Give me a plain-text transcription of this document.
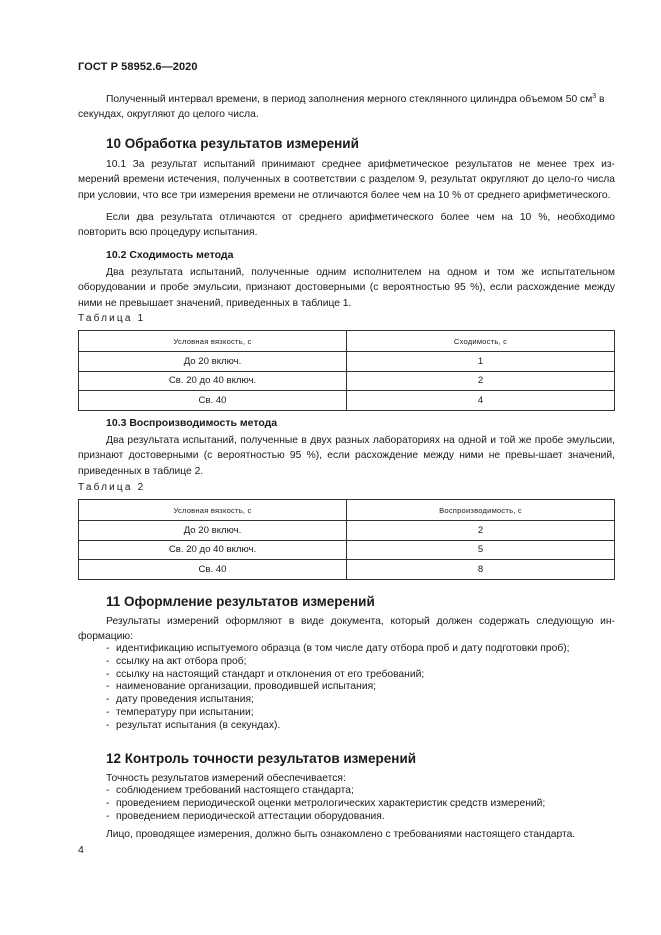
ГОСТ Р 58952.6—2020

Полученный интервал времени, в период заполнения мерного стеклянного цилиндра объемом 50 $см^3$ в секундах, округляют до целого числа.

10 Обработка результатов измерений

10.1 За результат испытаний принимают среднее арифметическое результатов не менее трех из-мерений времени истечения, полученных в соответствии с разделом 9, результат округляют до цело-го числа при условии, что все три измерения времени не отличаются более чем на 10 % от среднего арифметического.

Если два результата отличаются от среднего арифметического более чем на 10 %, необходимо повторить всю процедуру испытания.

10.2 Сходимость метода

Два результата испытаний, полученные одним исполнителем на одном и том же испытательном оборудовании и пробе эмульсии, признают достоверными (с вероятностью 95 %), если расхождение между ними не превышает значений, приведенных в таблице 1.

Таблица 1
Условная вязкость, с	Сходимость, с
До 20 включ.	1
Св. 20 до 40 включ.	2
Св. 40	4
10.3 Воспроизводимость метода

Два результата испытаний, полученные в двух разных лабораториях на одной и той же пробе эмульсии, признают достоверными (с вероятностью 95 %), если расхождение между ними не превы-шает значений, приведенных в таблице 2.

Таблица 2
Условная вязкость, с	Воспроизводимость, с
До 20 включ.	2
Св. 20 до 40 включ.	5
Св. 40	8
11 Оформление результатов измерений

Результаты измерений оформляют в виде документа, который должен содержать следующую ин-формацию:

- идентификацию испытуемого образца (в том числе дату отбора проб и дату подготовки проб);
- ссылку на акт отбора проб;
- ссылку на настоящий стандарт и отклонения от его требований;
- наименование организации, проводившей испытания;
- дату проведения испытания;
- температуру при испытании;
- результат испытания (в секундах).
12 Контроль точности результатов измерений

Точность результатов измерений обеспечивается:

- соблюдением требований настоящего стандарта;
- проведением периодической оценки метрологических характеристик средств измерений;
- проведением периодической аттестации оборудования.

Лицо, проводящее измерения, должно быть ознакомлено с требованиями настоящего стандарта.

4
